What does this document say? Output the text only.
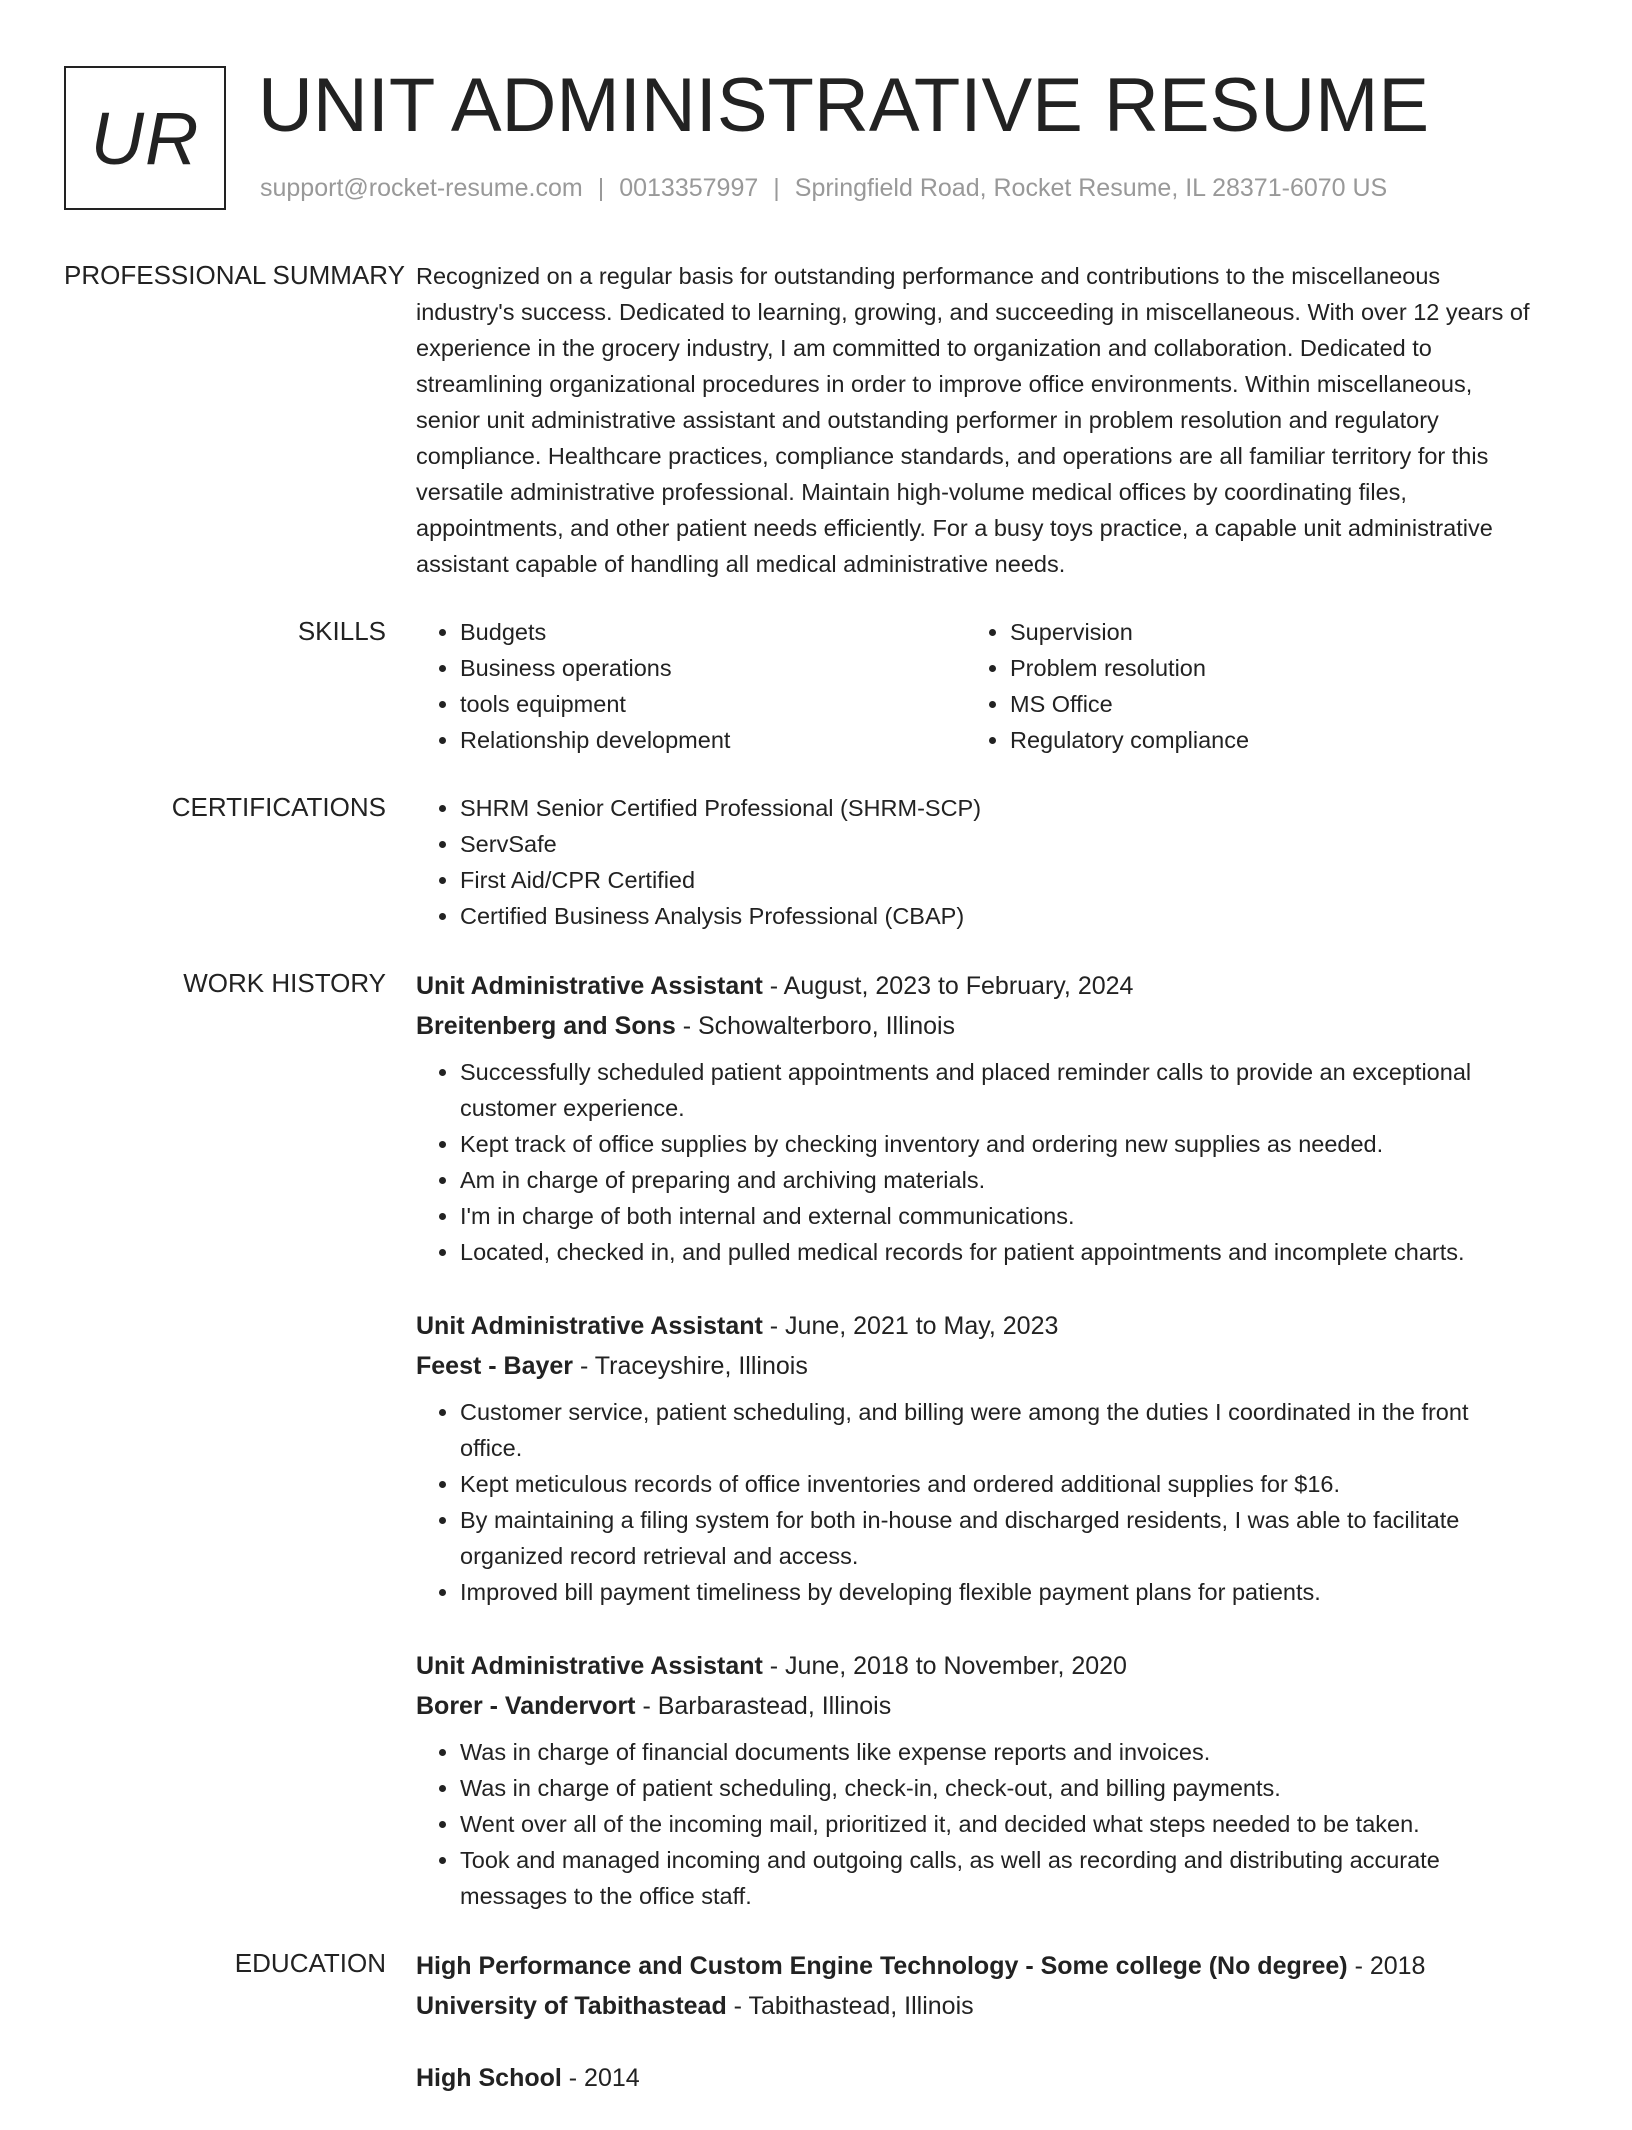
UR UNIT ADMINISTRATIVE RESUME
support@rocket-resume.com | 0013357997 | Springfield Road, Rocket Resume, IL 28371-6070 US
PROFESSIONAL SUMMARY Recognized on a regular basis for outstanding performance and contributions to the miscellaneous industry's success. Dedicated to learning, growing, and succeeding in miscellaneous. With over 12 years of experience in the grocery industry, I am committed to organization and collaboration. Dedicated to streamlining organizational procedures in order to improve office environments. Within miscellaneous, senior unit administrative assistant and outstanding performer in problem resolution and regulatory compliance. Healthcare practices, compliance standards, and operations are all familiar territory for this versatile administrative professional. Maintain high-volume medical offices by coordinating files, appointments, and other patient needs efficiently. For a busy toys practice, a capable unit administrative assistant capable of handling all medical administrative needs.

SKILLS	• Budgets
• Business operations
• tools equipment
• Relationship development
• Supervision
• Problem resolution
• MS Office
• Regulatory compliance
CERTIFICATIONS	• SHRM Senior Certified Professional (SHRM-SCP)
• ServSafe
• First Aid/CPR Certified
• Certified Business Analysis Professional (CBAP)
WORK HISTORY	Unit Administrative Assistant - August, 2023 to February, 2024
Breitenberg and Sons - Schowalterboro, Illinois
• Successfully scheduled patient appointments and placed reminder calls to provide an exceptional customer experience.
• Kept track of office supplies by checking inventory and ordering new supplies as needed.
• Am in charge of preparing and archiving materials.
• I'm in charge of both internal and external communications.
• Located, checked in, and pulled medical records for patient appointments and incomplete charts.
Unit Administrative Assistant - June, 2021 to May, 2023
Feest - Bayer - Traceyshire, Illinois
• Customer service, patient scheduling, and billing were among the duties I coordinated in the front office.
• Kept meticulous records of office inventories and ordered additional supplies for $16.
• By maintaining a filing system for both in-house and discharged residents, I was able to facilitate organized record retrieval and access.
• Improved bill payment timeliness by developing flexible payment plans for patients.
Unit Administrative Assistant - June, 2018 to November, 2020
Borer - Vandervort - Barbarastead, Illinois
• Was in charge of financial documents like expense reports and invoices.
• Was in charge of patient scheduling, check-in, check-out, and billing payments.
• Went over all of the incoming mail, prioritized it, and decided what steps needed to be taken.
• Took and managed incoming and outgoing calls, as well as recording and distributing accurate messages to the office staff.
EDUCATION	High Performance and Custom Engine Technology - Some college (No degree) - 2018
University of Tabithastead - Tabithastead, Illinois
High School - 2014
